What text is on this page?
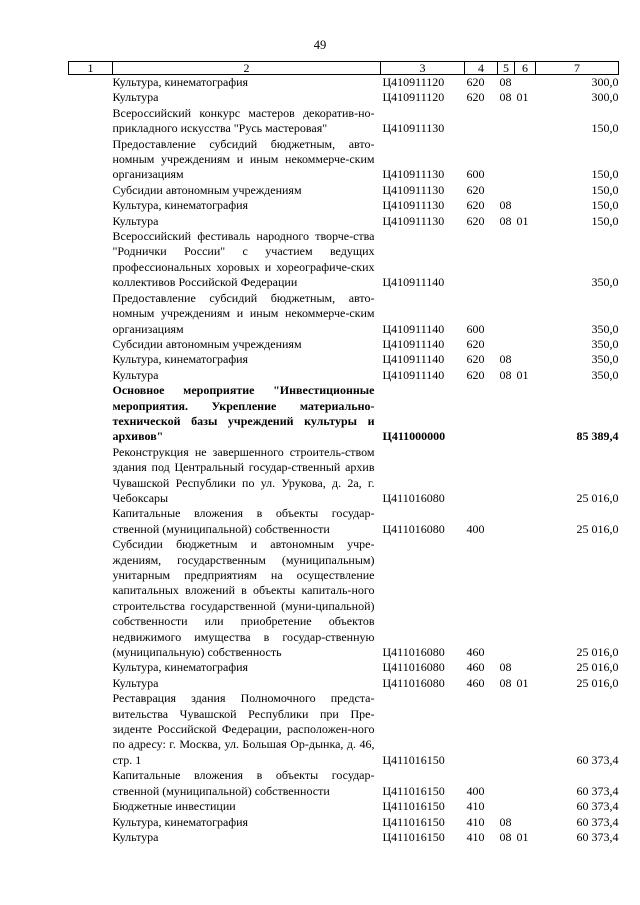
49
1	2	3	4	5	6	7
	Культура, кинематография	Ц410911120	620	08		300,0
	Культура	Ц410911120	620	08	01	300,0
	Всероссийский конкурс мастеров декоратив-но-прикладного искусства "Русь мастеровая"	Ц410911130				150,0
	Предоставление субсидий бюджетным, авто-номным учреждениям и иным некоммерче-ским организациям	Ц410911130	600			150,0
	Субсидии автономным учреждениям	Ц410911130	620			150,0
	Культура, кинематография	Ц410911130	620	08		150,0
	Культура	Ц410911130	620	08	01	150,0
	Всероссийский фестиваль народного творче-ства "Роднички России" с участием ведущих профессиональных хоровых и хореографиче-ских коллективов Российской Федерации	Ц410911140				350,0
	Предоставление субсидий бюджетным, авто-номным учреждениям и иным некоммерче-ским организациям	Ц410911140	600			350,0
	Субсидии автономным учреждениям	Ц410911140	620			350,0
	Культура, кинематография	Ц410911140	620	08		350,0
	Культура	Ц410911140	620	08	01	350,0
	Основное мероприятие "Инвестиционные мероприятия. Укрепление материально-технической базы учреждений культуры и архивов"	Ц411000000				85 389,4
	Реконструкция не завершенного строитель-ством здания под Центральный государ-ственный архив Чувашской Республики по ул. Урукова, д. 2а, г. Чебоксары	Ц411016080				25 016,0
	Капитальные вложения в объекты государ-ственной (муниципальной) собственности	Ц411016080	400			25 016,0
	Субсидии бюджетным и автономным учре-ждениям, государственным (муниципальным) унитарным предприятиям на осуществление капитальных вложений в объекты капиталь-ного строительства государственной (муни-ципальной) собственности или приобретение объектов недвижимого имущества в государ-ственную (муниципальную) собственность	Ц411016080	460			25 016,0
	Культура, кинематография	Ц411016080	460	08		25 016,0
	Культура	Ц411016080	460	08	01	25 016,0
	Реставрация здания Полномочного предста-вительства Чувашской Республики при Пре-зиденте Российской Федерации, расположен-ного по адресу: г. Москва, ул. Большая Ор-дынка, д. 46, стр. 1	Ц411016150				60 373,4
	Капитальные вложения в объекты государ-ственной (муниципальной) собственности	Ц411016150	400			60 373,4
	Бюджетные инвестиции	Ц411016150	410			60 373,4
	Культура, кинематография	Ц411016150	410	08		60 373,4
	Культура	Ц411016150	410	08	01	60 373,4
